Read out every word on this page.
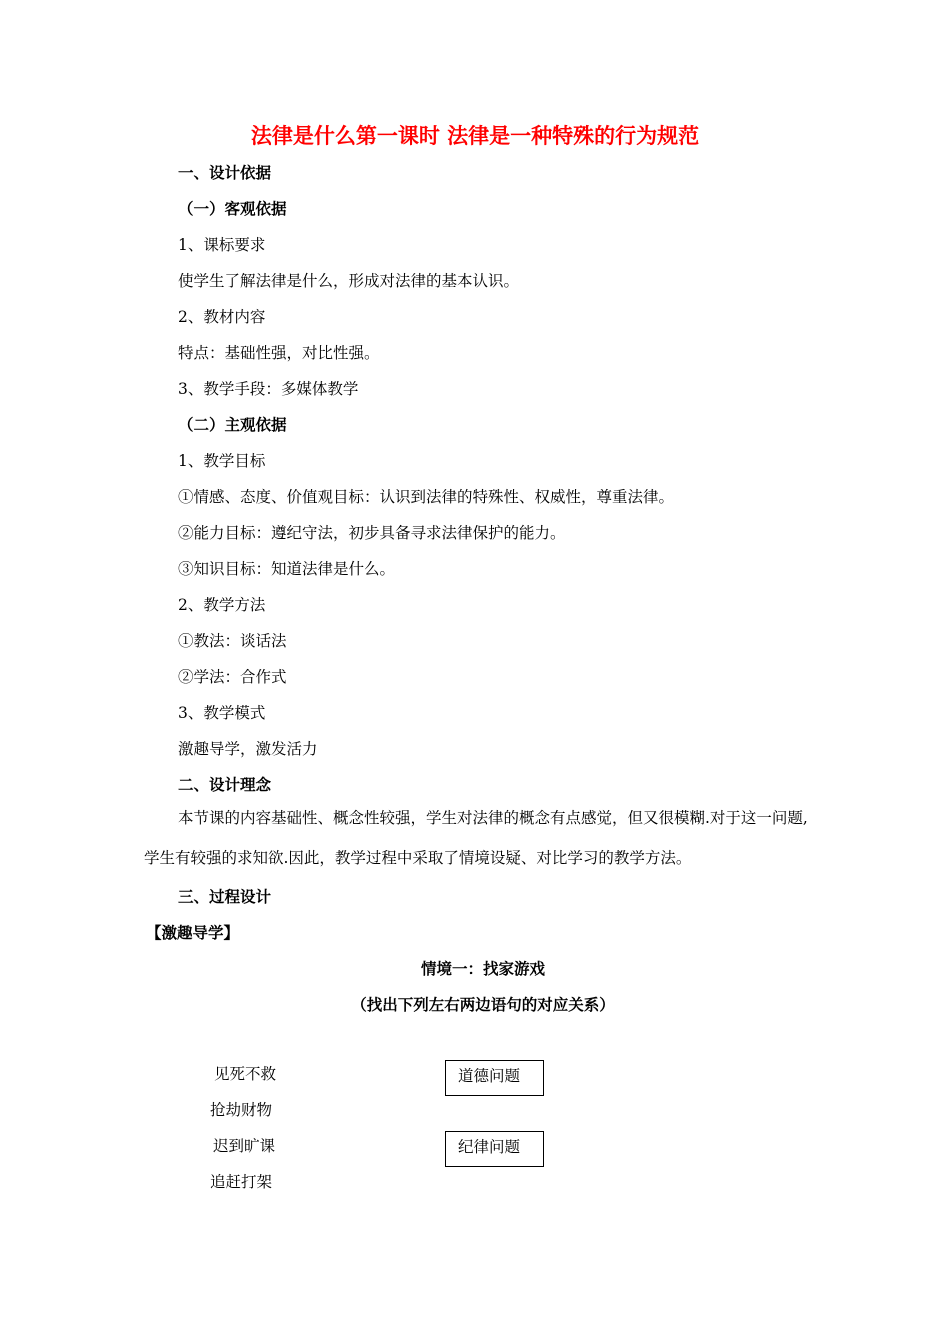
法律是什么第一课时 法律是一种特殊的行为规范
一、设计依据
（一）客观依据
1、课标要求
使学生了解法律是什么，形成对法律的基本认识。
2、教材内容
特点：基础性强，对比性强。
3、教学手段：多媒体教学
（二）主观依据
1、教学目标
①情感、态度、价值观目标：认识到法律的特殊性、权威性，尊重法律。
②能力目标：遵纪守法，初步具备寻求法律保护的能力。
③知识目标：知道法律是什么。
2、教学方法
①教法：谈话法
②学法：合作式
3、教学模式
激趣导学，激发活力
二、设计理念
本节课的内容基础性、概念性较强，学生对法律的概念有点感觉，但又很模糊.对于这一问题,学生有较强的求知欲.因此，教学过程中采取了情境设疑、对比学习的教学方法。
三、过程设计
【激趣导学】
情境一：找家游戏
（找出下列左右两边语句的对应关系）
见死不救
抢劫财物
迟到旷课
追赶打架
道德问题
纪律问题
